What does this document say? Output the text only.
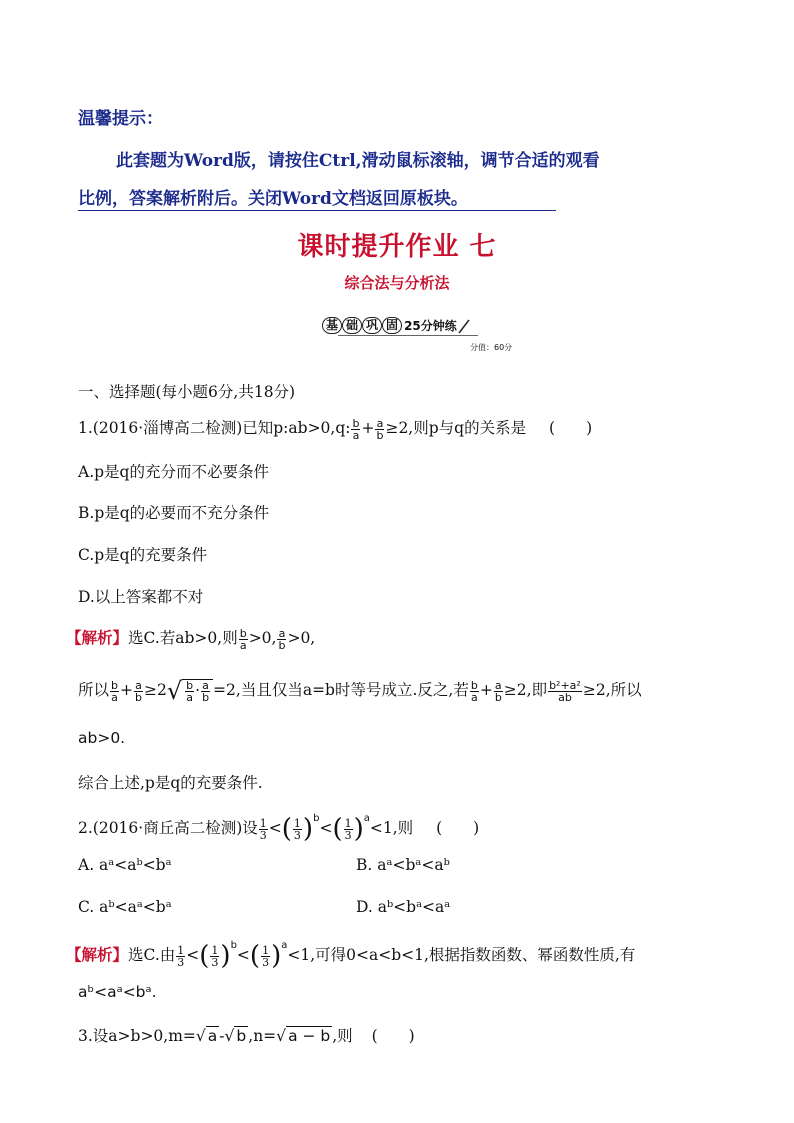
温馨提示：
此套题为Word版，请按住Ctrl,滑动鼠标滚轴，调节合适的观看
比例，答案解析附后。关闭Word文档返回原板块。
课时提升作业 七
综合法与分析法
基 础 巩 固 25分钟练
分值：60分
一、选择题(每小题6分,共18分)
1.(2016·淄博高二检测)已知p:ab>0,q: $\frac{b}{a} + \frac{a}{b} \ge 2$,则p与q的关系是 (　　)
A.p是q的充分而不必要条件
B.p是q的必要而不充分条件
C.p是q的充要条件
D.以上答案都不对
【解析】选C.若ab>0,则 $\frac{b}{a} >0$, $\frac{a}{b} >0$,
所以 $\frac{b}{a} + \frac{a}{b} \ge 2√ \frac{b}{a} \cdot \frac{a}{b} =2$,当且仅当a=b时等号成立.反之,若 $\frac{b}{a} + \frac{a}{b} \ge 2$,即 $\frac{\text{b²+a²}}{ab} \ge 2$,所以
ab>0.
综合上述,p是q的充要条件.
2.(2016·商丘高二检测)设 $\frac{1}{3}$ <( $\frac{1}{3} )^b<( \frac{1}{3} )^a<1$,则 (　　)
A. aᵃ<aᵇ<bᵃ	B. aᵃ<bᵃ<aᵇ
C. aᵇ<aᵃ<bᵃ	D. aᵇ<bᵃ<aᵃ
【解析】选C.由 $\frac{1}{3}$ <( $\frac{1}{3} )^b<( \frac{1}{3} )^a<1$,可得0<a<b<1,根据指数函数、幂函数性质,有
aᵇ<aᵃ<bᵃ.
3.设a>b>0,m=√ a -√ b ,n=√ a − b ,则 (　　)
